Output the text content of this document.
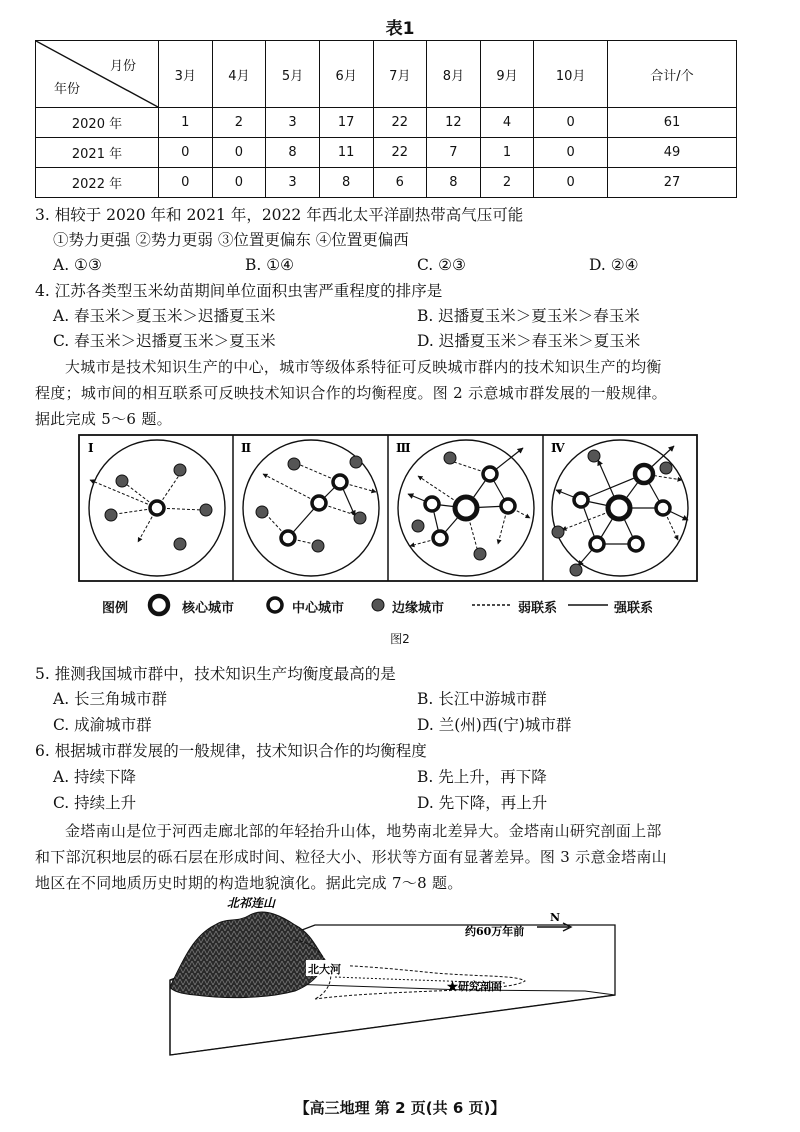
表1
月份
年份	3月	4月	5月	6月	7月	8月	9月	10月	合计/个
2020 年	1	2	3	17	22	12	4	0	61
2021 年	0	0	8	11	22	7	1	0	49
2022 年	0	0	3	8	6	8	2	0	27
3. 相较于 2020 年和 2021 年，2022 年西北太平洋副热带高气压可能
①势力更强 ②势力更弱 ③位置更偏东 ④位置更偏西
A. ①③	B. ①④	C. ②③	D. ②④
4. 江苏各类型玉米幼苗期间单位面积虫害严重程度的排序是
A. 春玉米＞夏玉米＞迟播夏玉米	B. 迟播夏玉米＞夏玉米＞春玉米
C. 春玉米＞迟播夏玉米＞夏玉米	D. 迟播夏玉米＞春玉米＞夏玉米
大城市是技术知识生产的中心，城市等级体系特征可反映城市群内的技术知识生产的均衡
程度；城市间的相互联系可反映技术知识合作的均衡程度。图 2 示意城市群发展的一般规律。
据此完成 5～6 题。
I	Ⅱ	Ⅲ	Ⅳ
图例	核心城市	中心城市	边缘城市	弱联系	强联系
图2
5. 推测我国城市群中，技术知识生产均衡度最高的是
A. 长三角城市群	B. 长江中游城市群
C. 成渝城市群	D. 兰(州)西(宁)城市群
6. 根据城市群发展的一般规律，技术知识合作的均衡程度
A. 持续下降	B. 先上升，再下降
C. 持续上升	D. 先下降，再上升
金塔南山是位于河西走廊北部的年轻抬升山体，地势南北差异大。金塔南山研究剖面上部
和下部沉积地层的砾石层在形成时间、粒径大小、形状等方面有显著差异。图 3 示意金塔南山
地区在不同地质历史时期的构造地貌演化。据此完成 7～8 题。
北祁连山
N
约60万年前
北大河
★研究剖面
【高三地理 第 2 页(共 6 页)】
